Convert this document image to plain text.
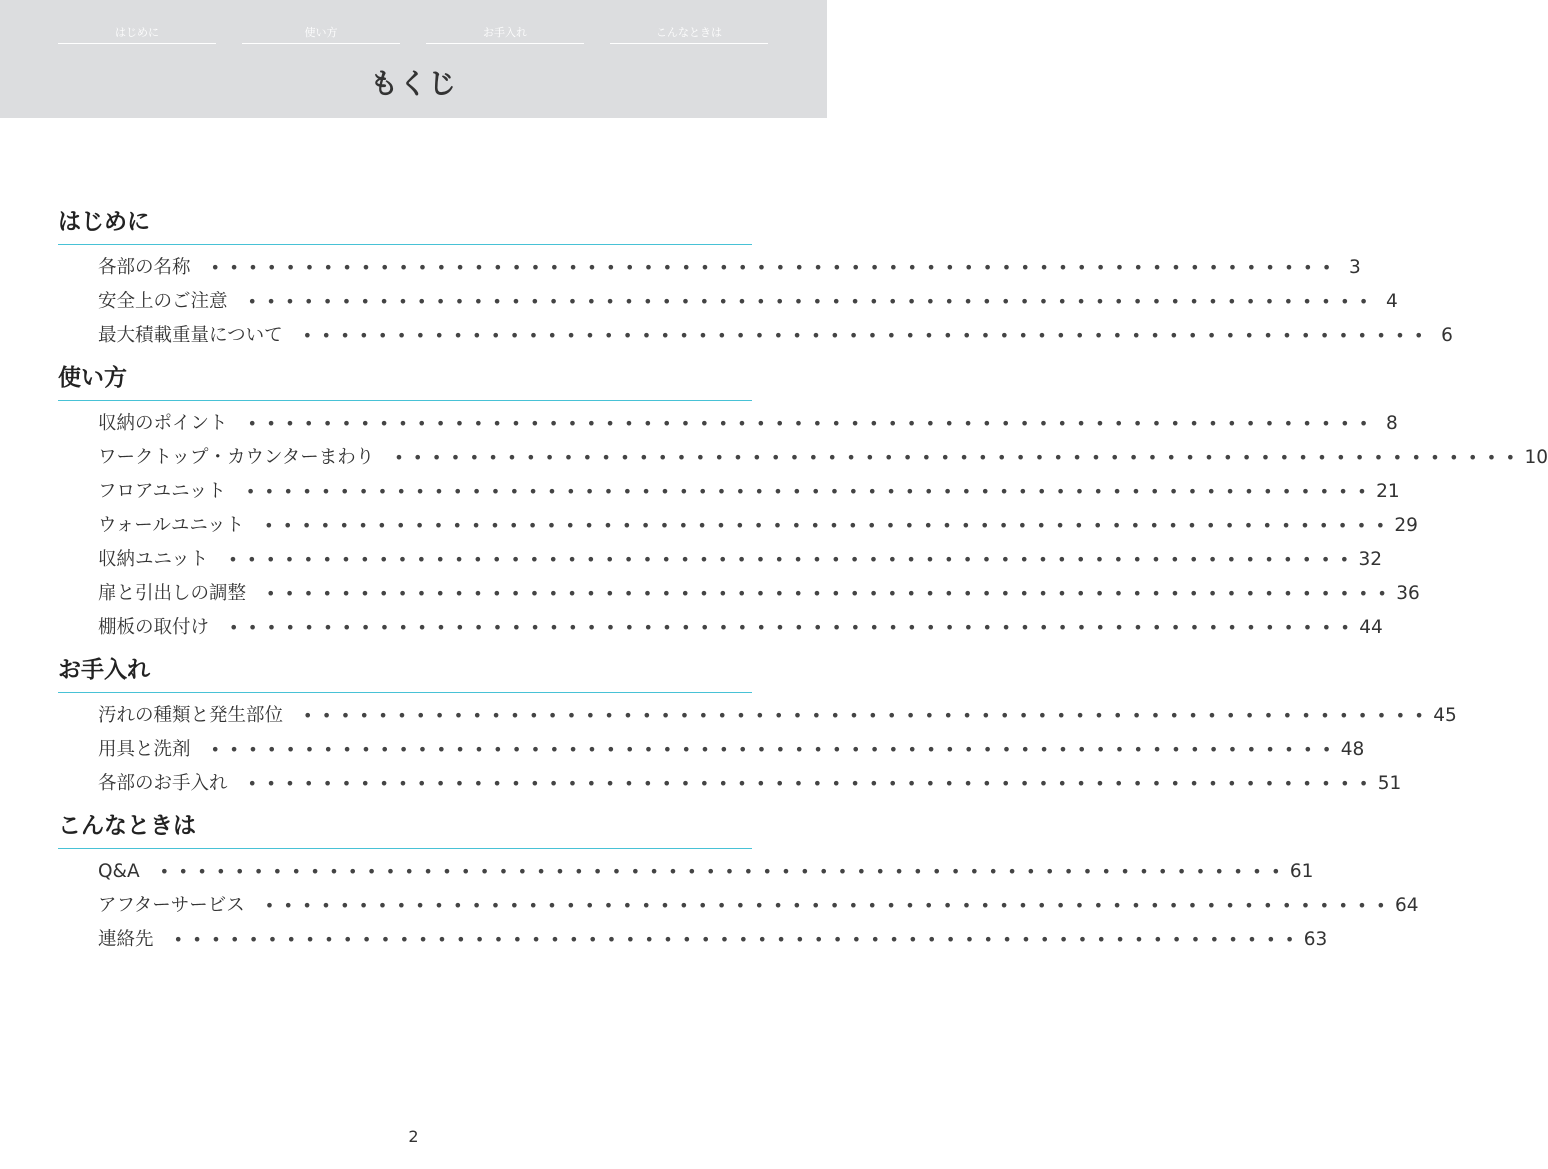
はじめに	使い方	お手入れ	こんなときは
もくじ
はじめに
各部の名称 •••••••••••••••••••••••••••••••••••••••••••••••••••••••••••• 3
安全上のご注意 •••••••••••••••••••••••••••••••••••••••••••••••••••••••••••• 4
最大積載重量について •••••••••••••••••••••••••••••••••••••••••••••••••••••••••••• 6
使い方
収納のポイント •••••••••••••••••••••••••••••••••••••••••••••••••••••••••••• 8
ワークトップ・カウンターまわり •••••••••••••••••••••••••••••••••••••••••••••••••••••••••••• 10
フロアユニット •••••••••••••••••••••••••••••••••••••••••••••••••••••••••••• 21
ウォールユニット •••••••••••••••••••••••••••••••••••••••••••••••••••••••••••• 29
収納ユニット •••••••••••••••••••••••••••••••••••••••••••••••••••••••••••• 32
扉と引出しの調整 •••••••••••••••••••••••••••••••••••••••••••••••••••••••••••• 36
棚板の取付け •••••••••••••••••••••••••••••••••••••••••••••••••••••••••••• 44
お手入れ
汚れの種類と発生部位 •••••••••••••••••••••••••••••••••••••••••••••••••••••••••••• 45
用具と洗剤 •••••••••••••••••••••••••••••••••••••••••••••••••••••••••••• 48
各部のお手入れ •••••••••••••••••••••••••••••••••••••••••••••••••••••••••••• 51
こんなときは
Q&A •••••••••••••••••••••••••••••••••••••••••••••••••••••••••••• 61
アフターサービス •••••••••••••••••••••••••••••••••••••••••••••••••••••••••••• 64
連絡先 •••••••••••••••••••••••••••••••••••••••••••••••••••••••••••• 63
2
